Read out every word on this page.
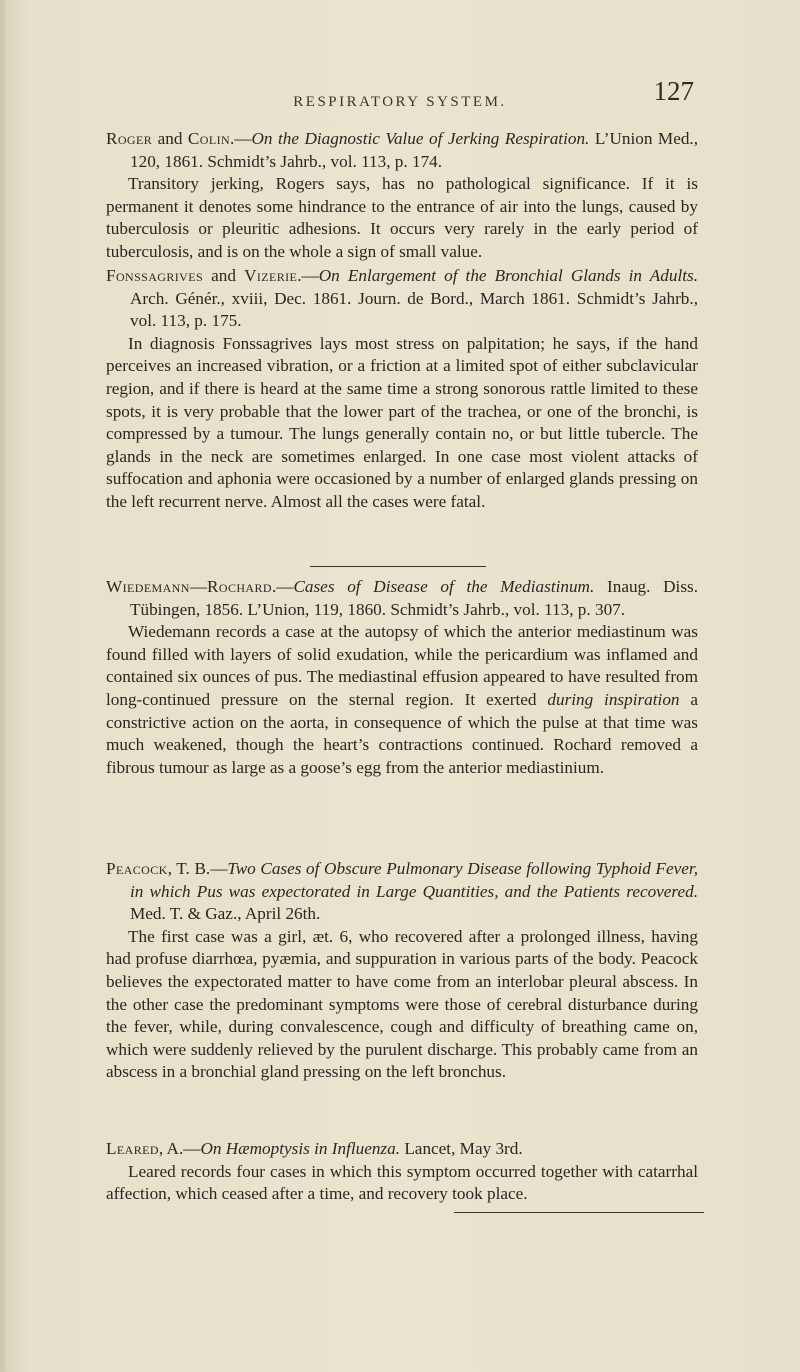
RESPIRATORY SYSTEM.	127

Roger and Colin.—On the Diagnostic Value of Jerking Respiration. L’Union Med., 120, 1861. Schmidt’s Jahrb., vol. 113, p. 174.

Transitory jerking, Rogers says, has no pathological significance. If it is permanent it denotes some hindrance to the entrance of air into the lungs, caused by tuberculosis or pleuritic adhesions. It occurs very rarely in the early period of tuberculosis, and is on the whole a sign of small value.

Fonssagrives and Vizerie.—On Enlargement of the Bronchial Glands in Adults. Arch. Génér., xviii, Dec. 1861. Journ. de Bord., March 1861. Schmidt’s Jahrb., vol. 113, p. 175.

In diagnosis Fonssagrives lays most stress on palpitation; he says, if the hand perceives an increased vibration, or a friction at a limited spot of either subclavicular region, and if there is heard at the same time a strong sonorous rattle limited to these spots, it is very probable that the lower part of the trachea, or one of the bronchi, is compressed by a tumour. The lungs generally contain no, or but little tubercle. The glands in the neck are sometimes enlarged. In one case most violent attacks of suffocation and aphonia were occasioned by a number of enlarged glands pressing on the left recurrent nerve. Almost all the cases were fatal.

Wiedemann—Rochard.—Cases of Disease of the Mediastinum. Inaug. Diss. Tübingen, 1856. L’Union, 119, 1860. Schmidt’s Jahrb., vol. 113, p. 307.

Wiedemann records a case at the autopsy of which the anterior mediastinum was found filled with layers of solid exudation, while the pericardium was inflamed and contained six ounces of pus. The mediastinal effusion appeared to have resulted from long-continued pressure on the sternal region. It exerted during inspiration a constrictive action on the aorta, in consequence of which the pulse at that time was much weakened, though the heart’s contractions continued. Rochard removed a fibrous tumour as large as a goose’s egg from the anterior mediastinium.

Peacock, T. B.—Two Cases of Obscure Pulmonary Disease following Typhoid Fever, in which Pus was expectorated in Large Quantities, and the Patients recovered. Med. T. & Gaz., April 26th.

The first case was a girl, æt. 6, who recovered after a prolonged illness, having had profuse diarrhœa, pyæmia, and suppuration in various parts of the body. Peacock believes the expectorated matter to have come from an interlobar pleural abscess. In the other case the predominant symptoms were those of cerebral disturbance during the fever, while, during convalescence, cough and difficulty of breathing came on, which were suddenly relieved by the purulent discharge. This probably came from an abscess in a bronchial gland pressing on the left bronchus.

Leared, A.—On Hæmoptysis in Influenza. Lancet, May 3rd.

Leared records four cases in which this symptom occurred together with catarrhal affection, which ceased after a time, and recovery took place.
